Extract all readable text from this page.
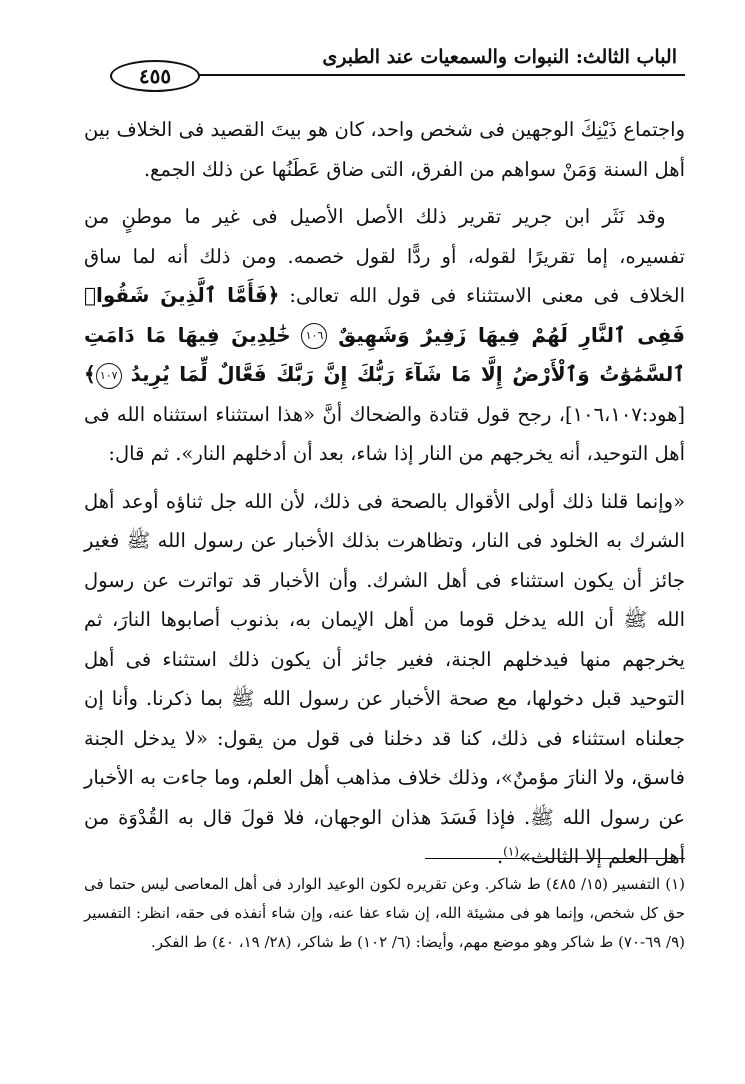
الباب الثالث: النبوات والسمعيات عند الطبرى
٤٥٥

واجتماع ذَيْنِكَ الوجهين فى شخص واحد، كان هو بيتَ القصيد فى الخلاف بين أهل السنة وَمَنْ سواهم من الفرق، التى ضاق عَطَنُها عن ذلك الجمع.

 وقد نَثَر ابن جرير تقرير ذلك الأصل الأصيل فى غير ما موطنٍ من تفسيره، إما تقريرًا لقوله، أو ردًّا لقول خصمه. ومن ذلك أنه لما ساق الخلاف فى معنى الاستثناء فى قول الله تعالى: ﴿فَأَمَّا ٱلَّذِينَ شَقُوا۟ فَفِى ٱلنَّارِ لَهُمْ فِيهَا زَفِيرٌ وَشَهِيقٌ ١٠٦ خَٰلِدِينَ فِيهَا مَا دَامَتِ ٱلسَّمَٰوَٰتُ وَٱلْأَرْضُ إِلَّا مَا شَآءَ رَبُّكَ إِنَّ رَبَّكَ فَعَّالٌ لِّمَا يُرِيدُ ١٠٧﴾ [هود:١٠٦،١٠٧]، رجح قول قتادة والضحاك أنَّ «هذا استثناء استثناه الله فى أهل التوحيد، أنه يخرجهم من النار إذا شاء، بعد أن أدخلهم النار». ثم قال:

«وإنما قلنا ذلك أولى الأقوال بالصحة فى ذلك، لأن الله جل ثناؤه أوعد أهل الشرك به الخلود فى النار، وتظاهرت بذلك الأخبار عن رسول الله ﷺ فغير جائز أن يكون استثناء فى أهل الشرك. وأن الأخبار قد تواترت عن رسول الله ﷺ أن الله يدخل قوما من أهل الإيمان به، بذنوب أصابوها النارَ، ثم يخرجهم منها فيدخلهم الجنة، فغير جائز أن يكون ذلك استثناء فى أهل التوحيد قبل دخولها، مع صحة الأخبار عن رسول الله ﷺ بما ذكرنا. وأنا إن جعلناه استثناء فى ذلك، كنا قد دخلنا فى قول من يقول: «لا يدخل الجنة فاسق، ولا النارَ مؤمنٌ»، وذلك خلاف مذاهب أهل العلم، وما جاءت به الأخبار عن رسول الله ﷺ. فإذا فَسَدَ هذان الوجهان، فلا قولَ قال به القُدْوَة من أهل العلم إلا الثالث»$^{(١)}$.

(١) التفسير (١٥/ ٤٨٥) ط شاكر. وعن تقريره لكون الوعيد الوارد فى أهل المعاصى ليس حتما فى حق كل شخص، وإنما هو فى مشيئة الله، إن شاء عفا عنه، وإن شاء أنفذه فى حقه، انظر: التفسير (٩/ ٦٩-٧٠) ط شاكر وهو موضع مهم، وأيضا: (٦/ ١٠٢) ط شاكر، (٢٨/ ١٩، ٤٠) ط الفكر.
